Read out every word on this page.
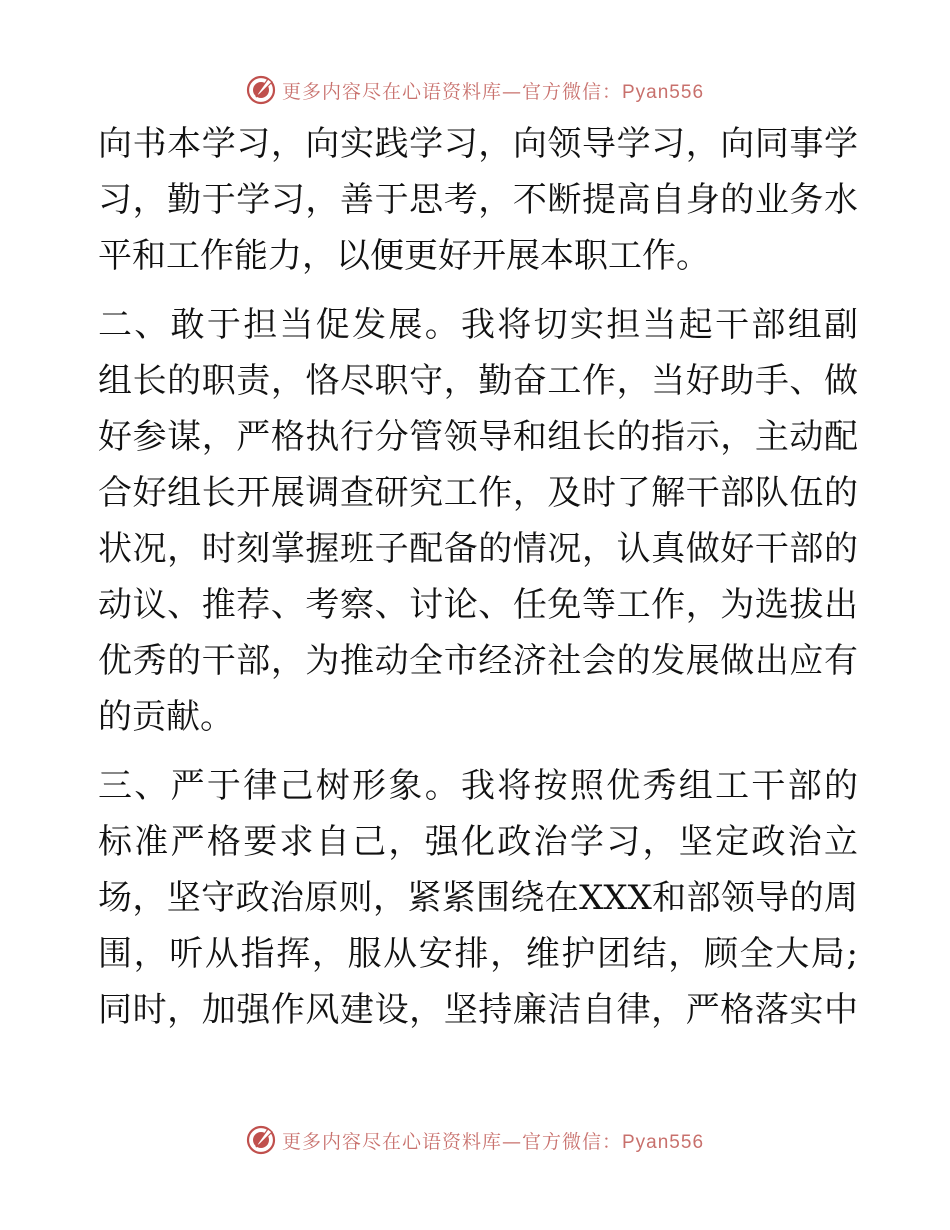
更多内容尽在心语资料库—官方微信：Pyan556
向书本学习，向实践学习，向领导学习，向同事学
习，勤于学习，善于思考，不断提高自身的业务水
平和工作能力，以便更好开展本职工作。
二、敢于担当促发展。我将切实担当起干部组副
组长的职责，恪尽职守，勤奋工作，当好助手、做
好参谋，严格执行分管领导和组长的指示，主动配
合好组长开展调查研究工作，及时了解干部队伍的
状况，时刻掌握班子配备的情况，认真做好干部的
动议、推荐、考察、讨论、任免等工作，为选拔出
优秀的干部，为推动全市经济社会的发展做出应有
的贡献。
三、严于律己树形象。我将按照优秀组工干部的
标准严格要求自己，强化政治学习，坚定政治立
场，坚守政治原则，紧紧围绕在XXX和部领导的周
围，听从指挥，服从安排，维护团结，顾全大局;
同时，加强作风建设，坚持廉洁自律，严格落实中
更多内容尽在心语资料库—官方微信：Pyan556
